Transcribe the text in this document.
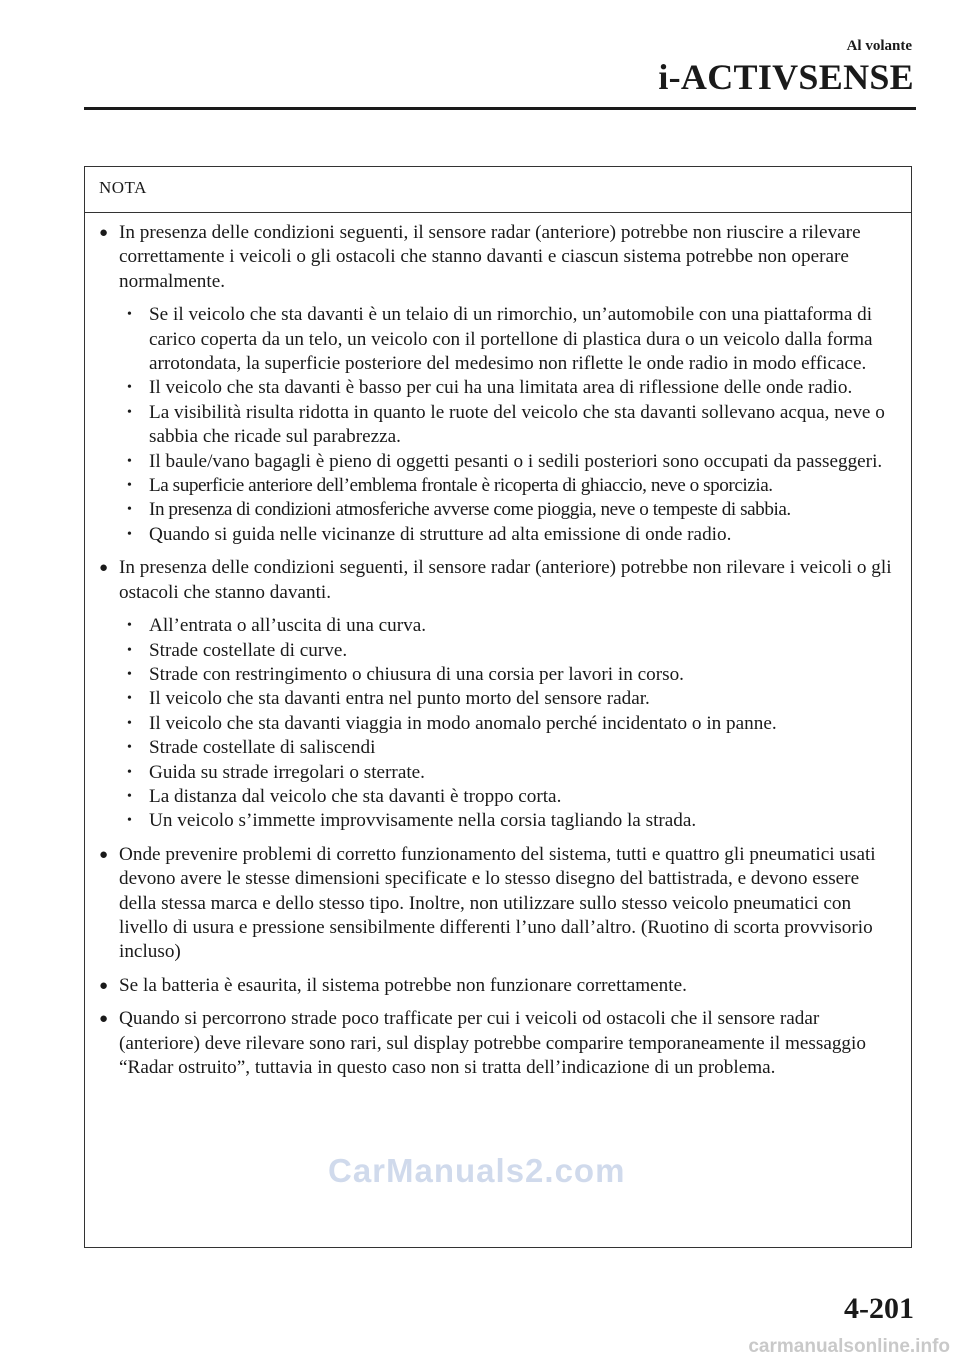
Al volante
i-ACTIVSENSE
NOTA
● In presenza delle condizioni seguenti, il sensore radar (anteriore) potrebbe non riuscire a rilevare correttamente i veicoli o gli ostacoli che stanno davanti e ciascun sistema potrebbe non operare normalmente.
• Se il veicolo che sta davanti è un telaio di un rimorchio, un’automobile con una piattaforma di carico coperta da un telo, un veicolo con il portellone di plastica dura o un veicolo dalla forma arrotondata, la superficie posteriore del medesimo non riflette le onde radio in modo efficace.
• Il veicolo che sta davanti è basso per cui ha una limitata area di riflessione delle onde radio.
• La visibilità risulta ridotta in quanto le ruote del veicolo che sta davanti sollevano acqua, neve o sabbia che ricade sul parabrezza.
• Il baule/vano bagagli è pieno di oggetti pesanti o i sedili posteriori sono occupati da passeggeri.
• La superficie anteriore dell’emblema frontale è ricoperta di ghiaccio, neve o sporcizia.
• In presenza di condizioni atmosferiche avverse come pioggia, neve o tempeste di sabbia.
• Quando si guida nelle vicinanze di strutture ad alta emissione di onde radio.
● In presenza delle condizioni seguenti, il sensore radar (anteriore) potrebbe non rilevare i veicoli o gli ostacoli che stanno davanti.
• All’entrata o all’uscita di una curva.
• Strade costellate di curve.
• Strade con restringimento o chiusura di una corsia per lavori in corso.
• Il veicolo che sta davanti entra nel punto morto del sensore radar.
• Il veicolo che sta davanti viaggia in modo anomalo perché incidentato o in panne.
• Strade costellate di saliscendi
• Guida su strade irregolari o sterrate.
• La distanza dal veicolo che sta davanti è troppo corta.
• Un veicolo s’immette improvvisamente nella corsia tagliando la strada.
● Onde prevenire problemi di corretto funzionamento del sistema, tutti e quattro gli pneumatici usati devono avere le stesse dimensioni specificate e lo stesso disegno del battistrada, e devono essere della stessa marca e dello stesso tipo. Inoltre, non utilizzare sullo stesso veicolo pneumatici con livello di usura e pressione sensibilmente differenti l’uno dall’altro. (Ruotino di scorta provvisorio incluso)
● Se la batteria è esaurita, il sistema potrebbe non funzionare correttamente.
● Quando si percorrono strade poco trafficate per cui i veicoli od ostacoli che il sensore radar (anteriore) deve rilevare sono rari, sul display potrebbe comparire temporaneamente il messaggio “Radar ostruito”, tuttavia in questo caso non si tratta dell’indicazione di un problema.
CarManuals2.com
4-201
carmanualsonline.info
